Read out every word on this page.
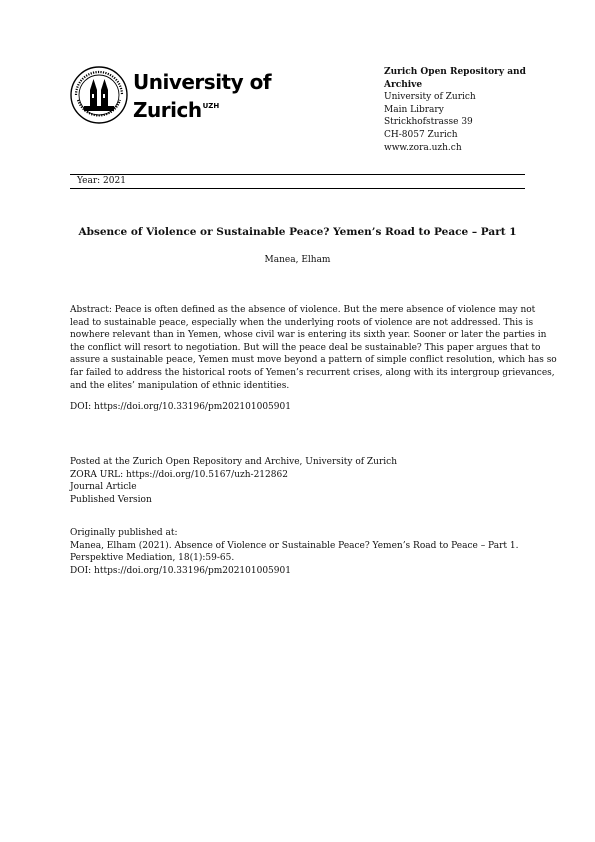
University of
Zurich$^{UZH}$
Zurich Open Repository and
Archive
University of Zurich
Main Library
Strickhofstrasse 39
CH-8057 Zurich
www.zora.uzh.ch
Year: 2021
Absence of Violence or Sustainable Peace? Yemen’s Road to Peace – Part 1
Manea, Elham
Abstract: Peace is often defined as the absence of violence. But the mere absence of violence may not
lead to sustainable peace, especially when the underlying roots of violence are not addressed. This is
nowhere relevant than in Yemen, whose civil war is entering its sixth year. Sooner or later the parties in
the conflict will resort to negotiation. But will the peace deal be sustainable? This paper argues that to
assure a sustainable peace, Yemen must move beyond a pattern of simple conflict resolution, which has so
far failed to address the historical roots of Yemen’s recurrent crises, along with its intergroup grievances,
and the elites’ manipulation of ethnic identities.
DOI: https://doi.org/10.33196/pm202101005901
Posted at the Zurich Open Repository and Archive, University of Zurich
ZORA URL: https://doi.org/10.5167/uzh-212862
Journal Article
Published Version
Originally published at:
Manea, Elham (2021). Absence of Violence or Sustainable Peace? Yemen’s Road to Peace – Part 1.
Perspektive Mediation, 18(1):59-65.
DOI: https://doi.org/10.33196/pm202101005901
